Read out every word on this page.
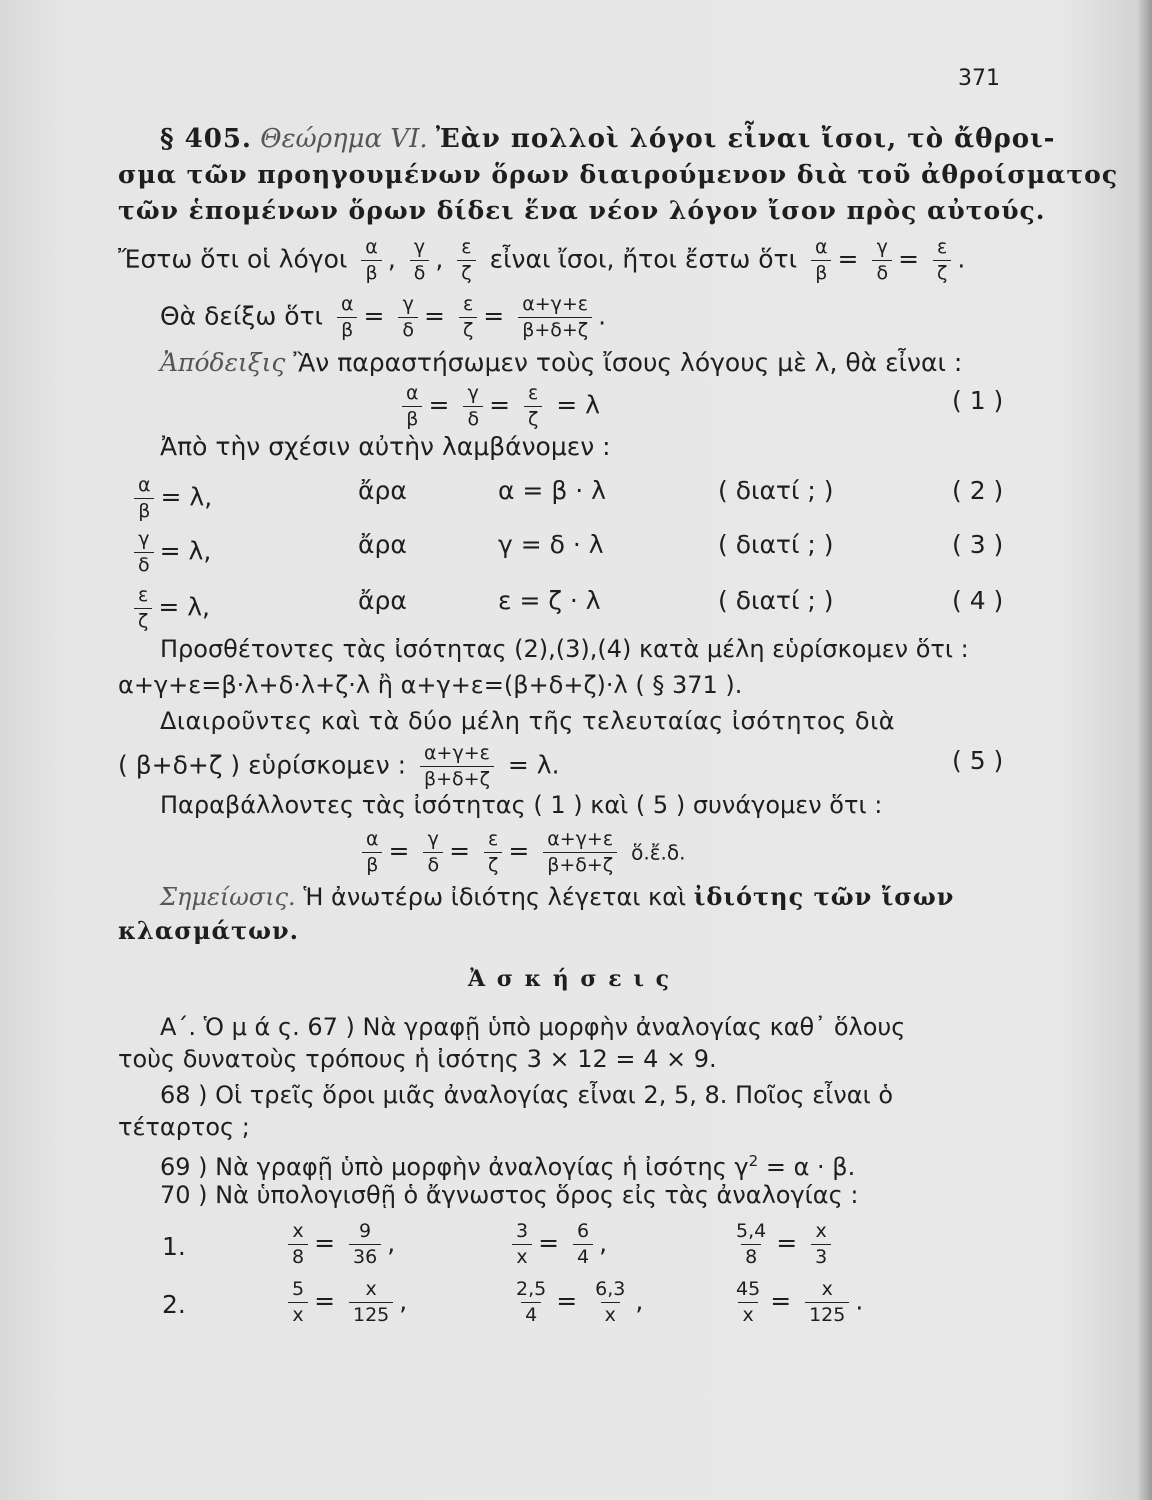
371
§ 405. Θεώρημα VI. Ἐὰν πολλοὶ λόγοι εἶναι ἴσοι, τὸ ἄθροι-
σμα τῶν προηγουμένων ὅρων διαιρούμενον διὰ τοῦ ἀθροίσματος
τῶν ἑπομένων ὅρων δίδει ἕνα νέον λόγον ἴσον πρὸς αὐτούς.
Ἔστω ὅτι οἱ λόγοι $\frac{\alpha}{\beta}$ , $\frac{\gamma}{\delta}$ , $\frac{\varepsilon}{\zeta}$ εἶναι ἴσοι, ἤτοι ἔστω ὅτι $\frac{\alpha}{\beta} = \frac{\gamma}{\delta} = \frac{\varepsilon}{\zeta}$ .
Θὰ δείξω ὅτι $\frac{\alpha}{\beta} = \frac{\gamma}{\delta} = \frac{\varepsilon}{\zeta} = \frac{\alpha+\gamma+\varepsilon}{\beta+\delta+\zeta}$ .
Ἀπόδειξις Ἂν παραστήσωμεν τοὺς ἴσους λόγους μὲ λ, θὰ εἶναι :
$\frac{\alpha}{\beta} = \frac{\gamma}{\delta} = \frac{\varepsilon}{\zeta} = \lambda$	( 1 )
Ἀπὸ τὴν σχέσιν αὐτὴν λαμβάνομεν :
$\frac{\alpha}{\beta} = \lambda$,	ἄρα	α = β · λ	( διατί ; )	( 2 )
$\frac{\gamma}{\delta} = \lambda$,	ἄρα	γ = δ · λ	( διατί ; )	( 3 )
$\frac{\varepsilon}{\zeta} = \lambda$,	ἄρα	ε = ζ · λ	( διατί ; )	( 4 )
Προσθέτοντες τὰς ἰσότητας (2),(3),(4) κατὰ μέλη εὑρίσκομεν ὅτι :
α+γ+ε=β·λ+δ·λ+ζ·λ ἢ α+γ+ε=(β+δ+ζ)·λ ( § 371 ).
Διαιροῦντες καὶ τὰ δύο μέλη τῆς τελευταίας ἰσότητος διὰ
( β+δ+ζ ) εὑρίσκομεν : $\frac{\alpha+\gamma+\varepsilon}{\beta+\delta+\zeta} = \lambda$.	( 5 )
Παραβάλλοντες τὰς ἰσότητας ( 1 ) καὶ ( 5 ) συνάγομεν ὅτι :
$\frac{\alpha}{\beta} = \frac{\gamma}{\delta} = \frac{\varepsilon}{\zeta} = \frac{\alpha+\gamma+\varepsilon}{\beta+\delta+\zeta}$ ὅ.ἔ.δ.
Σημείωσις. Ἡ ἀνωτέρω ἰδιότης λέγεται καὶ ἰδιότης τῶν ἴσων
κλασμάτων.
Ἀ σ κ ή σ ε ι ς
Α΄. Ὁ μ ά ς. 67 ) Νὰ γραφῇ ὑπὸ μορφὴν ἀναλογίας καθ᾽ ὅλους
τοὺς δυνατοὺς τρόπους ἡ ἰσότης 3 × 12 = 4 × 9.
68 ) Οἱ τρεῖς ὅροι μιᾶς ἀναλογίας εἶναι 2, 5, 8. Ποῖος εἶναι ὁ
τέταρτος ;
69 ) Νὰ γραφῇ ὑπὸ μορφὴν ἀναλογίας ἡ ἰσότης $\gamma^2 = \alpha \cdot \beta$.
70 ) Νὰ ὑπολογισθῇ ὁ ἄγνωστος ὅρος εἰς τὰς ἀναλογίας :
1.	$\frac{x}{8} = \frac{9}{36}$ ,	$\frac{3}{x} = \frac{6}{4}$ ,	$\frac{5,4}{8} = \frac{x}{3}$
2.	$\frac{5}{x} = \frac{x}{125}$ ,	$\frac{2,5}{4} = \frac{6,3}{x}$ ,	$\frac{45}{x} = \frac{x}{125}$ .
